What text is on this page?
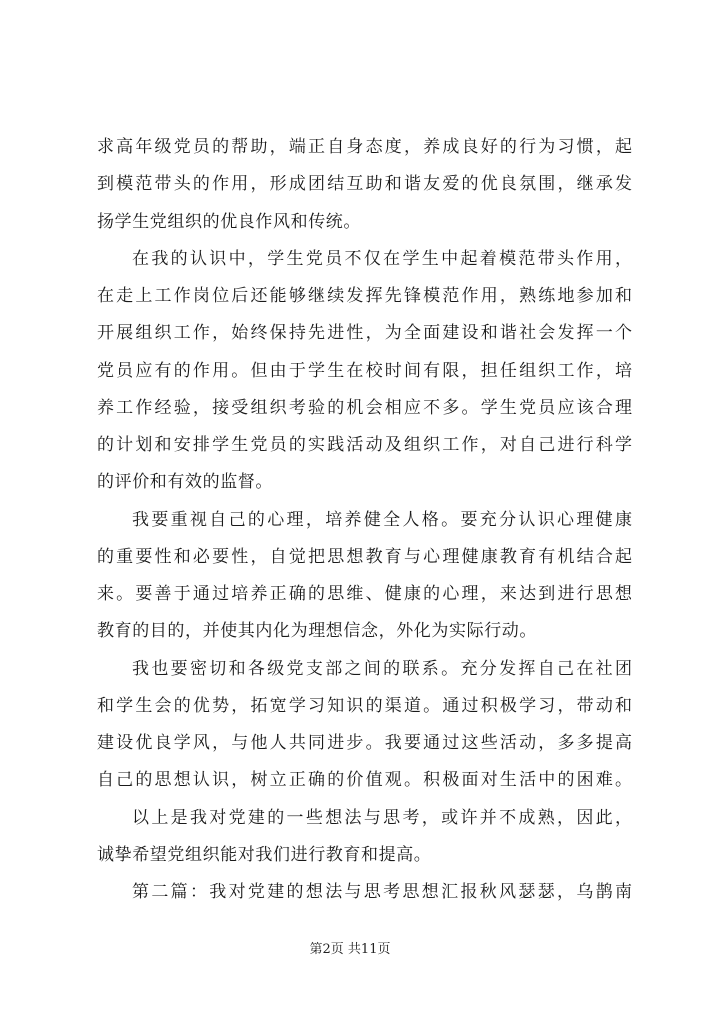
求高年级党员的帮助，端正自身态度，养成良好的行为习惯，起
到模范带头的作用，形成团结互助和谐友爱的优良氛围，继承发
扬学生党组织的优良作风和传统。
在我的认识中，学生党员不仅在学生中起着模范带头作用，
在走上工作岗位后还能够继续发挥先锋模范作用，熟练地参加和
开展组织工作，始终保持先进性，为全面建设和谐社会发挥一个
党员应有的作用。但由于学生在校时间有限，担任组织工作，培
养工作经验，接受组织考验的机会相应不多。学生党员应该合理
的计划和安排学生党员的实践活动及组织工作，对自己进行科学
的评价和有效的监督。
我要重视自己的心理，培养健全人格。要充分认识心理健康
的重要性和必要性，自觉把思想教育与心理健康教育有机结合起
来。要善于通过培养正确的思维、健康的心理，来达到进行思想
教育的目的，并使其内化为理想信念，外化为实际行动。
我也要密切和各级党支部之间的联系。充分发挥自己在社团
和学生会的优势，拓宽学习知识的渠道。通过积极学习，带动和
建设优良学风，与他人共同进步。我要通过这些活动，多多提高
自己的思想认识，树立正确的价值观。积极面对生活中的困难。
以上是我对党建的一些想法与思考，或许并不成熟，因此，
诚挚希望党组织能对我们进行教育和提高。
第二篇：我对党建的想法与思考思想汇报秋风瑟瑟，乌鹊南
第2页 共11页
